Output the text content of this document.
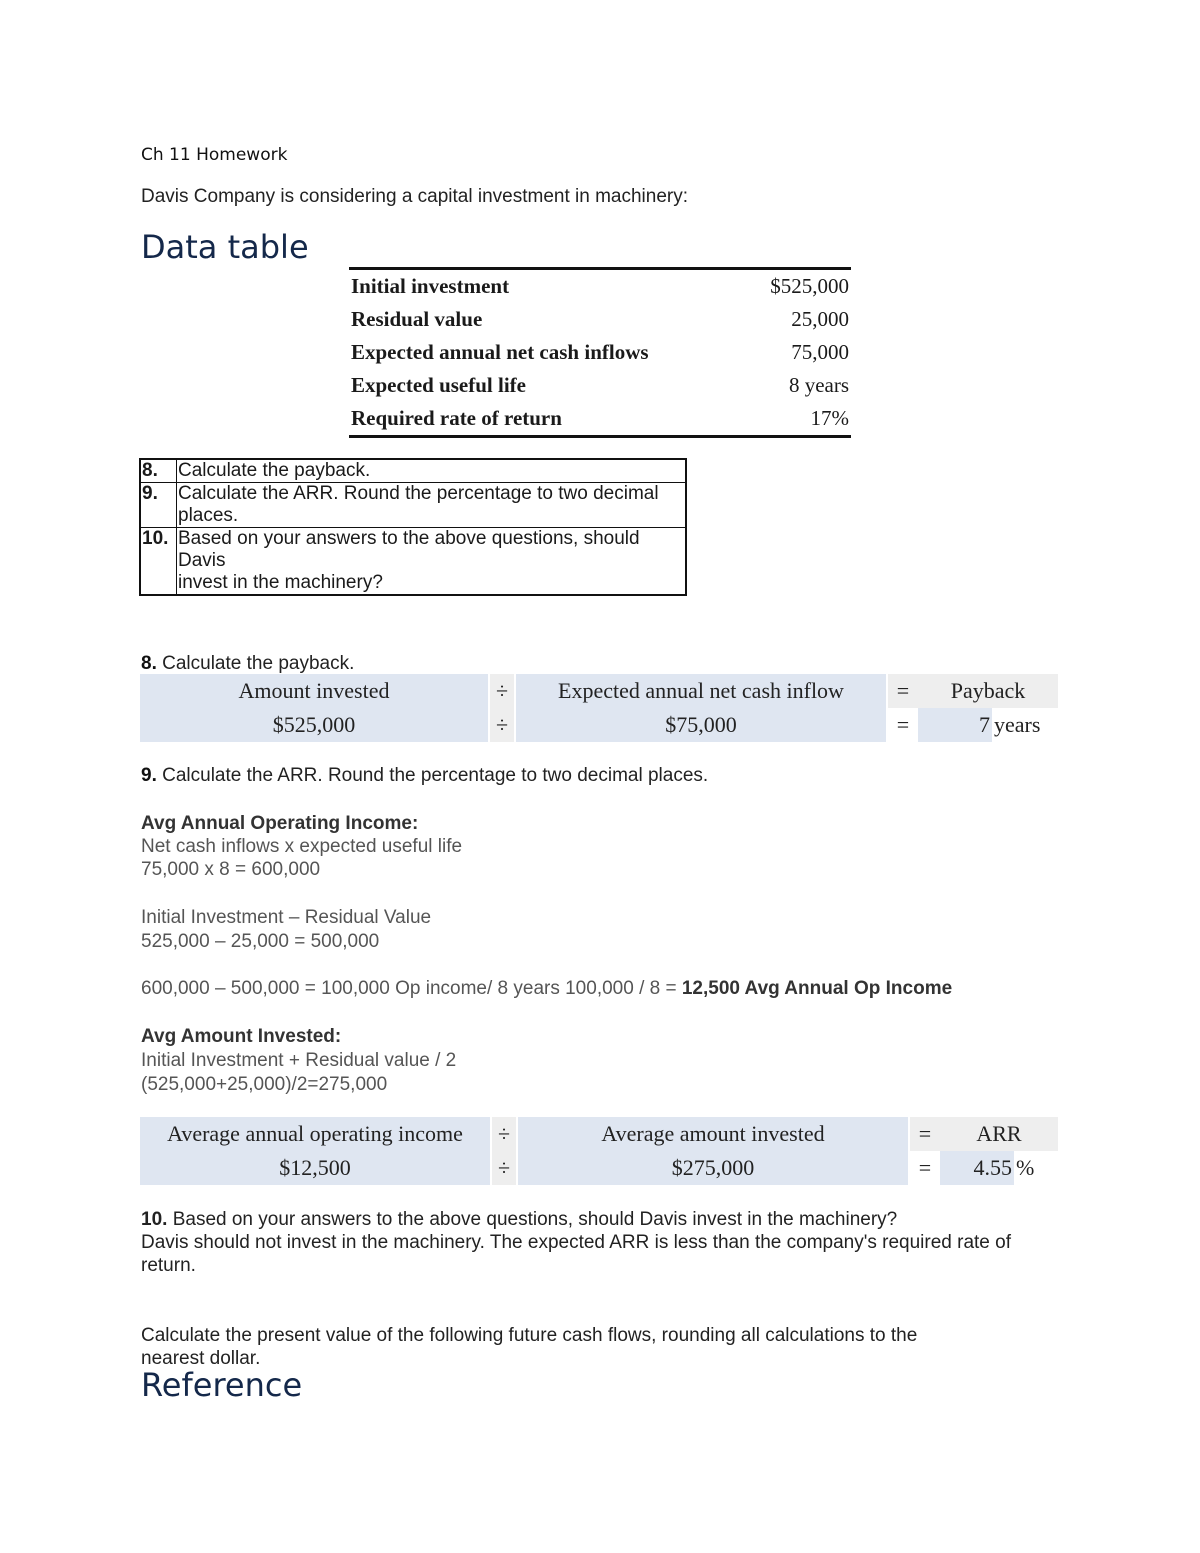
Ch 11 Homework
Davis Company is considering a capital investment in machinery:
Data table
Initial investment	$525,000
Residual value	25,000
Expected annual net cash inflows	75,000
Expected useful life	8 years
Required rate of return	17%
8.	Calculate the payback.

9.	Calculate the ARR. Round the percentage to two decimal
places.

10.	Based on your answers to the above questions, should
Davis
invest in the machinery?
8. Calculate the payback.
Amount invested	÷	Expected annual net cash inflow	=	Payback
$525,000	÷	$75,000	=	7 years
9. Calculate the ARR. Round the percentage to two decimal places.
Avg Annual Operating Income:
Net cash inflows x expected useful life
75,000 x 8 = 600,000
Initial Investment – Residual Value
525,000 – 25,000 = 500,000
600,000 – 500,000 = 100,000 Op income/ 8 years 100,000 / 8 = 12,500 Avg Annual Op Income
Avg Amount Invested:
Initial Investment + Residual value / 2
(525,000+25,000)/2=275,000
Average annual operating income	÷	Average amount invested	=	ARR
$12,500	÷	$275,000	=	4.55 %
10. Based on your answers to the above questions, should Davis invest in the machinery?
Davis should not invest in the machinery. The expected ARR is less than the company's required rate of return.
Calculate the present value of the following future cash flows, rounding all calculations to the nearest dollar.
Reference
